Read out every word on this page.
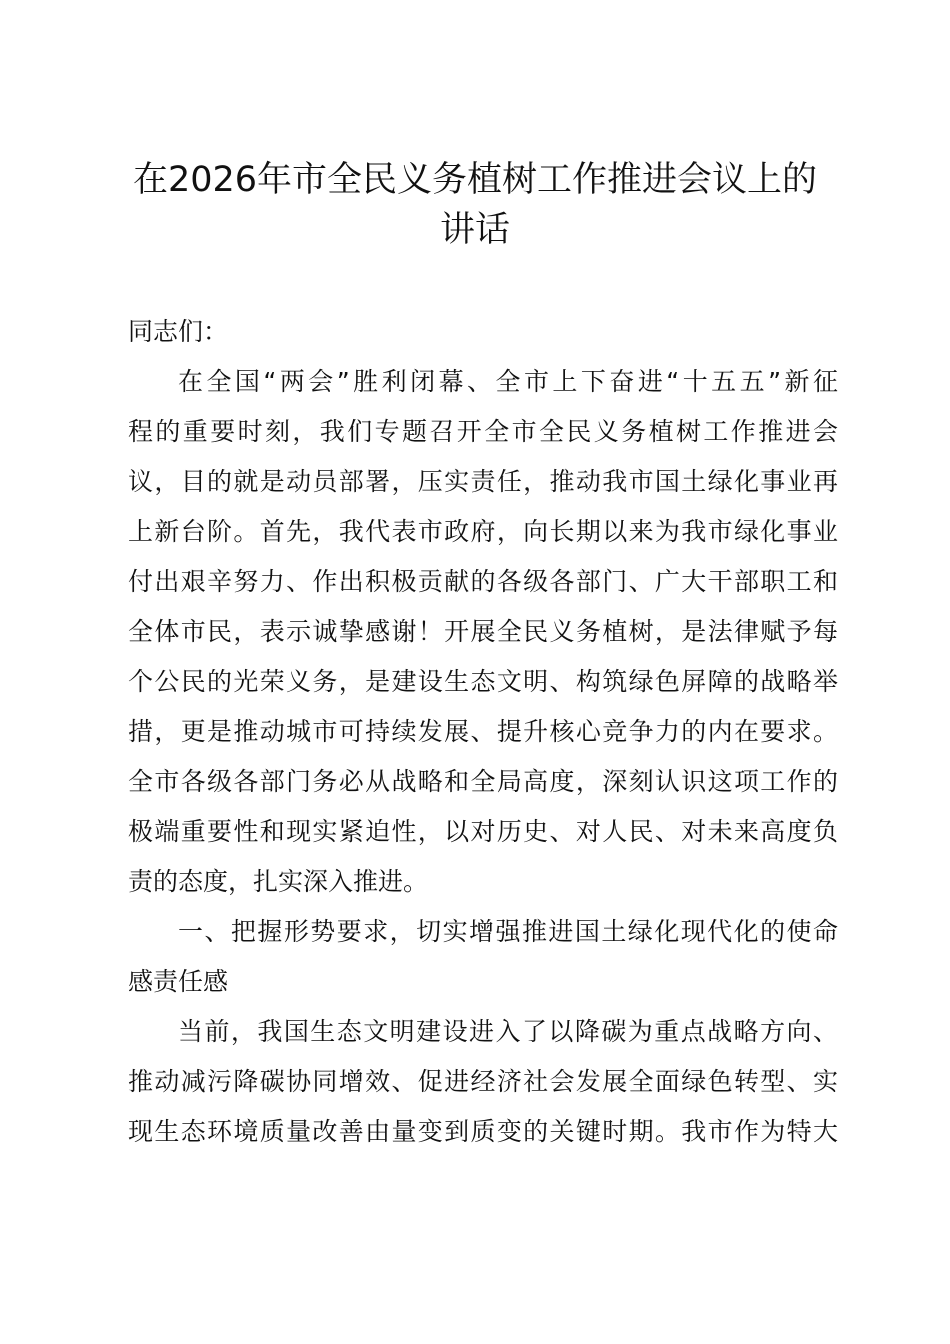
在2026年市全民义务植树工作推进会议上的
讲话
同志们：
在全国“两会”胜利闭幕、全市上下奋进“十五五”新征
程的重要时刻，我们专题召开全市全民义务植树工作推进会
议，目的就是动员部署，压实责任，推动我市国土绿化事业再
上新台阶。首先，我代表市政府，向长期以来为我市绿化事业
付出艰辛努力、作出积极贡献的各级各部门、广大干部职工和
全体市民，表示诚挚感谢！开展全民义务植树，是法律赋予每
个公民的光荣义务，是建设生态文明、构筑绿色屏障的战略举
措，更是推动城市可持续发展、提升核心竞争力的内在要求。
全市各级各部门务必从战略和全局高度，深刻认识这项工作的
极端重要性和现实紧迫性，以对历史、对人民、对未来高度负
责的态度，扎实深入推进。
一、把握形势要求，切实增强推进国土绿化现代化的使命
感责任感
当前，我国生态文明建设进入了以降碳为重点战略方向、
推动减污降碳协同增效、促进经济社会发展全面绿色转型、实
现生态环境质量改善由量变到质变的关键时期。我市作为特大
